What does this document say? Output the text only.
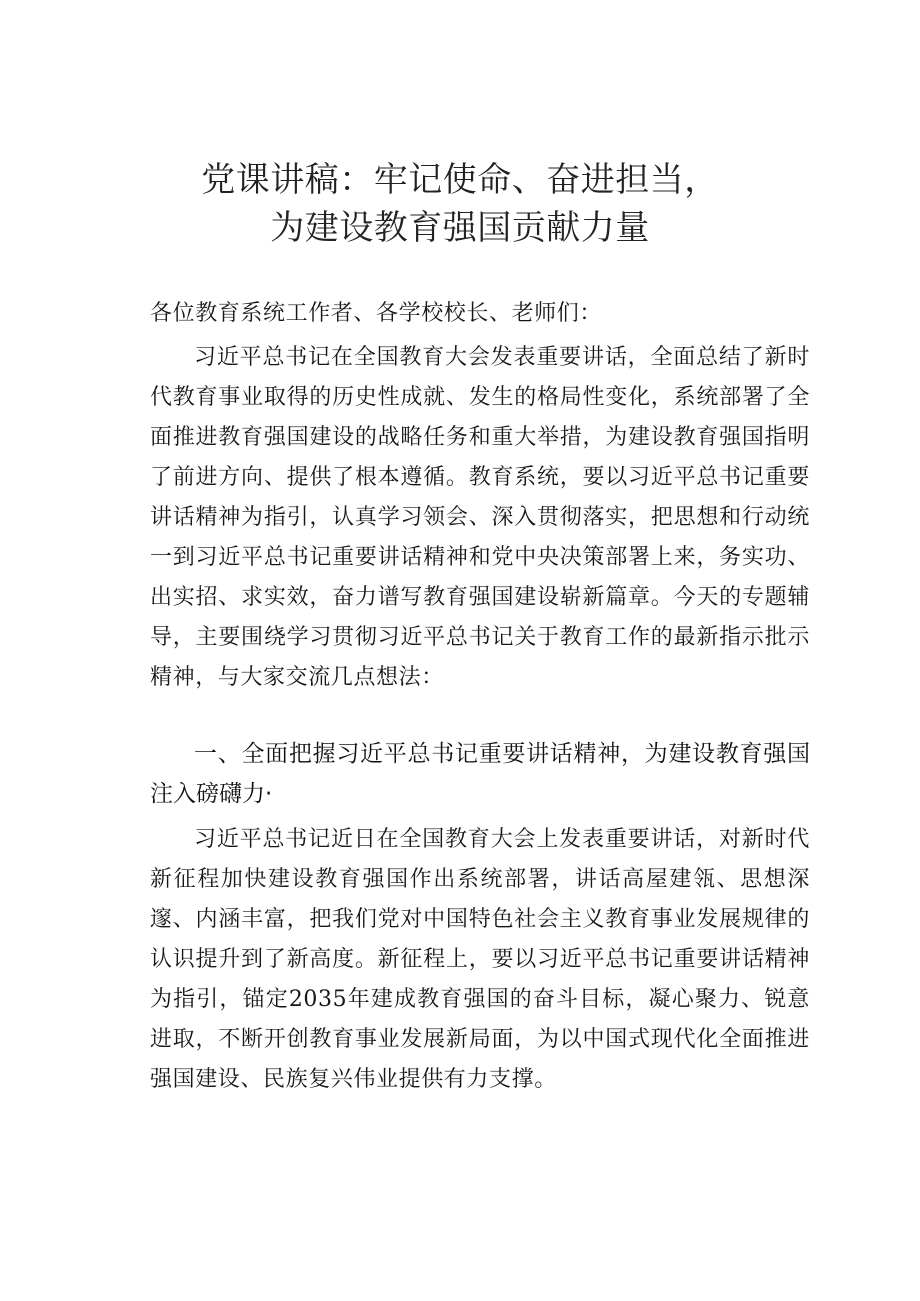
党课讲稿：牢记使命、奋进担当，
为建设教育强国贡献力量
各位教育系统工作者、各学校校长、老师们：

习近平总书记在全国教育大会发表重要讲话，全面总结了新时代教育事业取得的历史性成就、发生的格局性变化，系统部署了全面推进教育强国建设的战略任务和重大举措，为建设教育强国指明了前进方向、提供了根本遵循。教育系统，要以习近平总书记重要讲话精神为指引，认真学习领会、深入贯彻落实，把思想和行动统一到习近平总书记重要讲话精神和党中央决策部署上来，务实功、出实招、求实效，奋力谱写教育强国建设崭新篇章。今天的专题辅导，主要围绕学习贯彻习近平总书记关于教育工作的最新指示批示精神，与大家交流几点想法：

一、全面把握习近平总书记重要讲话精神，为建设教育强国注入磅礴力·

习近平总书记近日在全国教育大会上发表重要讲话，对新时代新征程加快建设教育强国作出系统部署，讲话高屋建瓴、思想深邃、内涵丰富，把我们党对中国特色社会主义教育事业发展规律的认识提升到了新高度。新征程上，要以习近平总书记重要讲话精神为指引，锚定2035年建成教育强国的奋斗目标，凝心聚力、锐意进取，不断开创教育事业发展新局面，为以中国式现代化全面推进强国建设、民族复兴伟业提供有力支撑。
